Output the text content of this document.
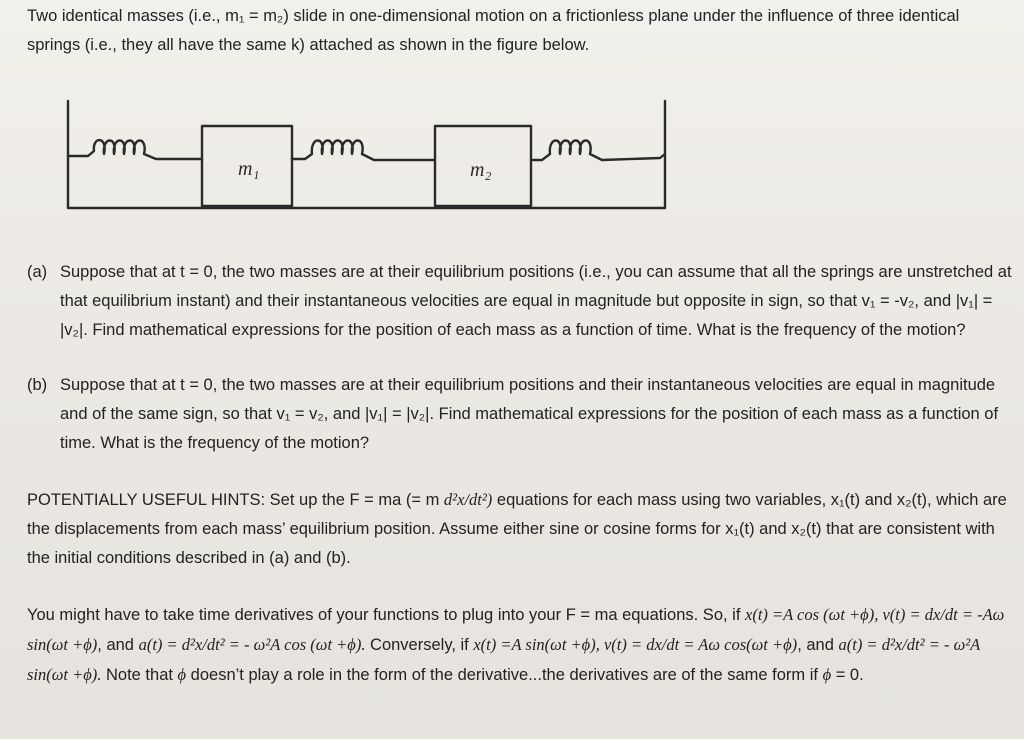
Two identical masses (i.e., m₁ = m₂) slide in one-dimensional motion on a frictionless plane under the influence of three identical springs (i.e., they all have the same k) attached as shown in the figure below.

m₁	m₂
(a) Suppose that at t = 0, the two masses are at their equilibrium positions (i.e., you can assume that all the springs are unstretched at that equilibrium instant) and their instantaneous velocities are equal in magnitude but opposite in sign, so that v₁ = -v₂, and |v₁| = |v₂|. Find mathematical expressions for the position of each mass as a function of time. What is the frequency of the motion?
(b) Suppose that at t = 0, the two masses are at their equilibrium positions and their instantaneous velocities are equal in magnitude and of the same sign, so that v₁ = v₂, and |v₁| = |v₂|. Find mathematical expressions for the position of each mass as a function of time. What is the frequency of the motion?

POTENTIALLY USEFUL HINTS: Set up the F = ma (= m d²x/dt²) equations for each mass using two variables, x₁(t) and x₂(t), which are the displacements from each mass’ equilibrium position. Assume either sine or cosine forms for x₁(t) and x₂(t) that are consistent with the initial conditions described in (a) and (b).

You might have to take time derivatives of your functions to plug into your F = ma equations. So, if x(t) =A cos (ωt +ϕ), v(t) = dx/dt = -Aω sin(ωt +ϕ), and a(t) = d²x/dt² = - ω²A cos (ωt +ϕ). Conversely, if x(t) =A sin(ωt +ϕ), v(t) = dx/dt = Aω cos(ωt +ϕ), and a(t) = d²x/dt² = - ω²A sin(ωt +ϕ). Note that ϕ doesn’t play a role in the form of the derivative...the derivatives are of the same form if ϕ = 0.
